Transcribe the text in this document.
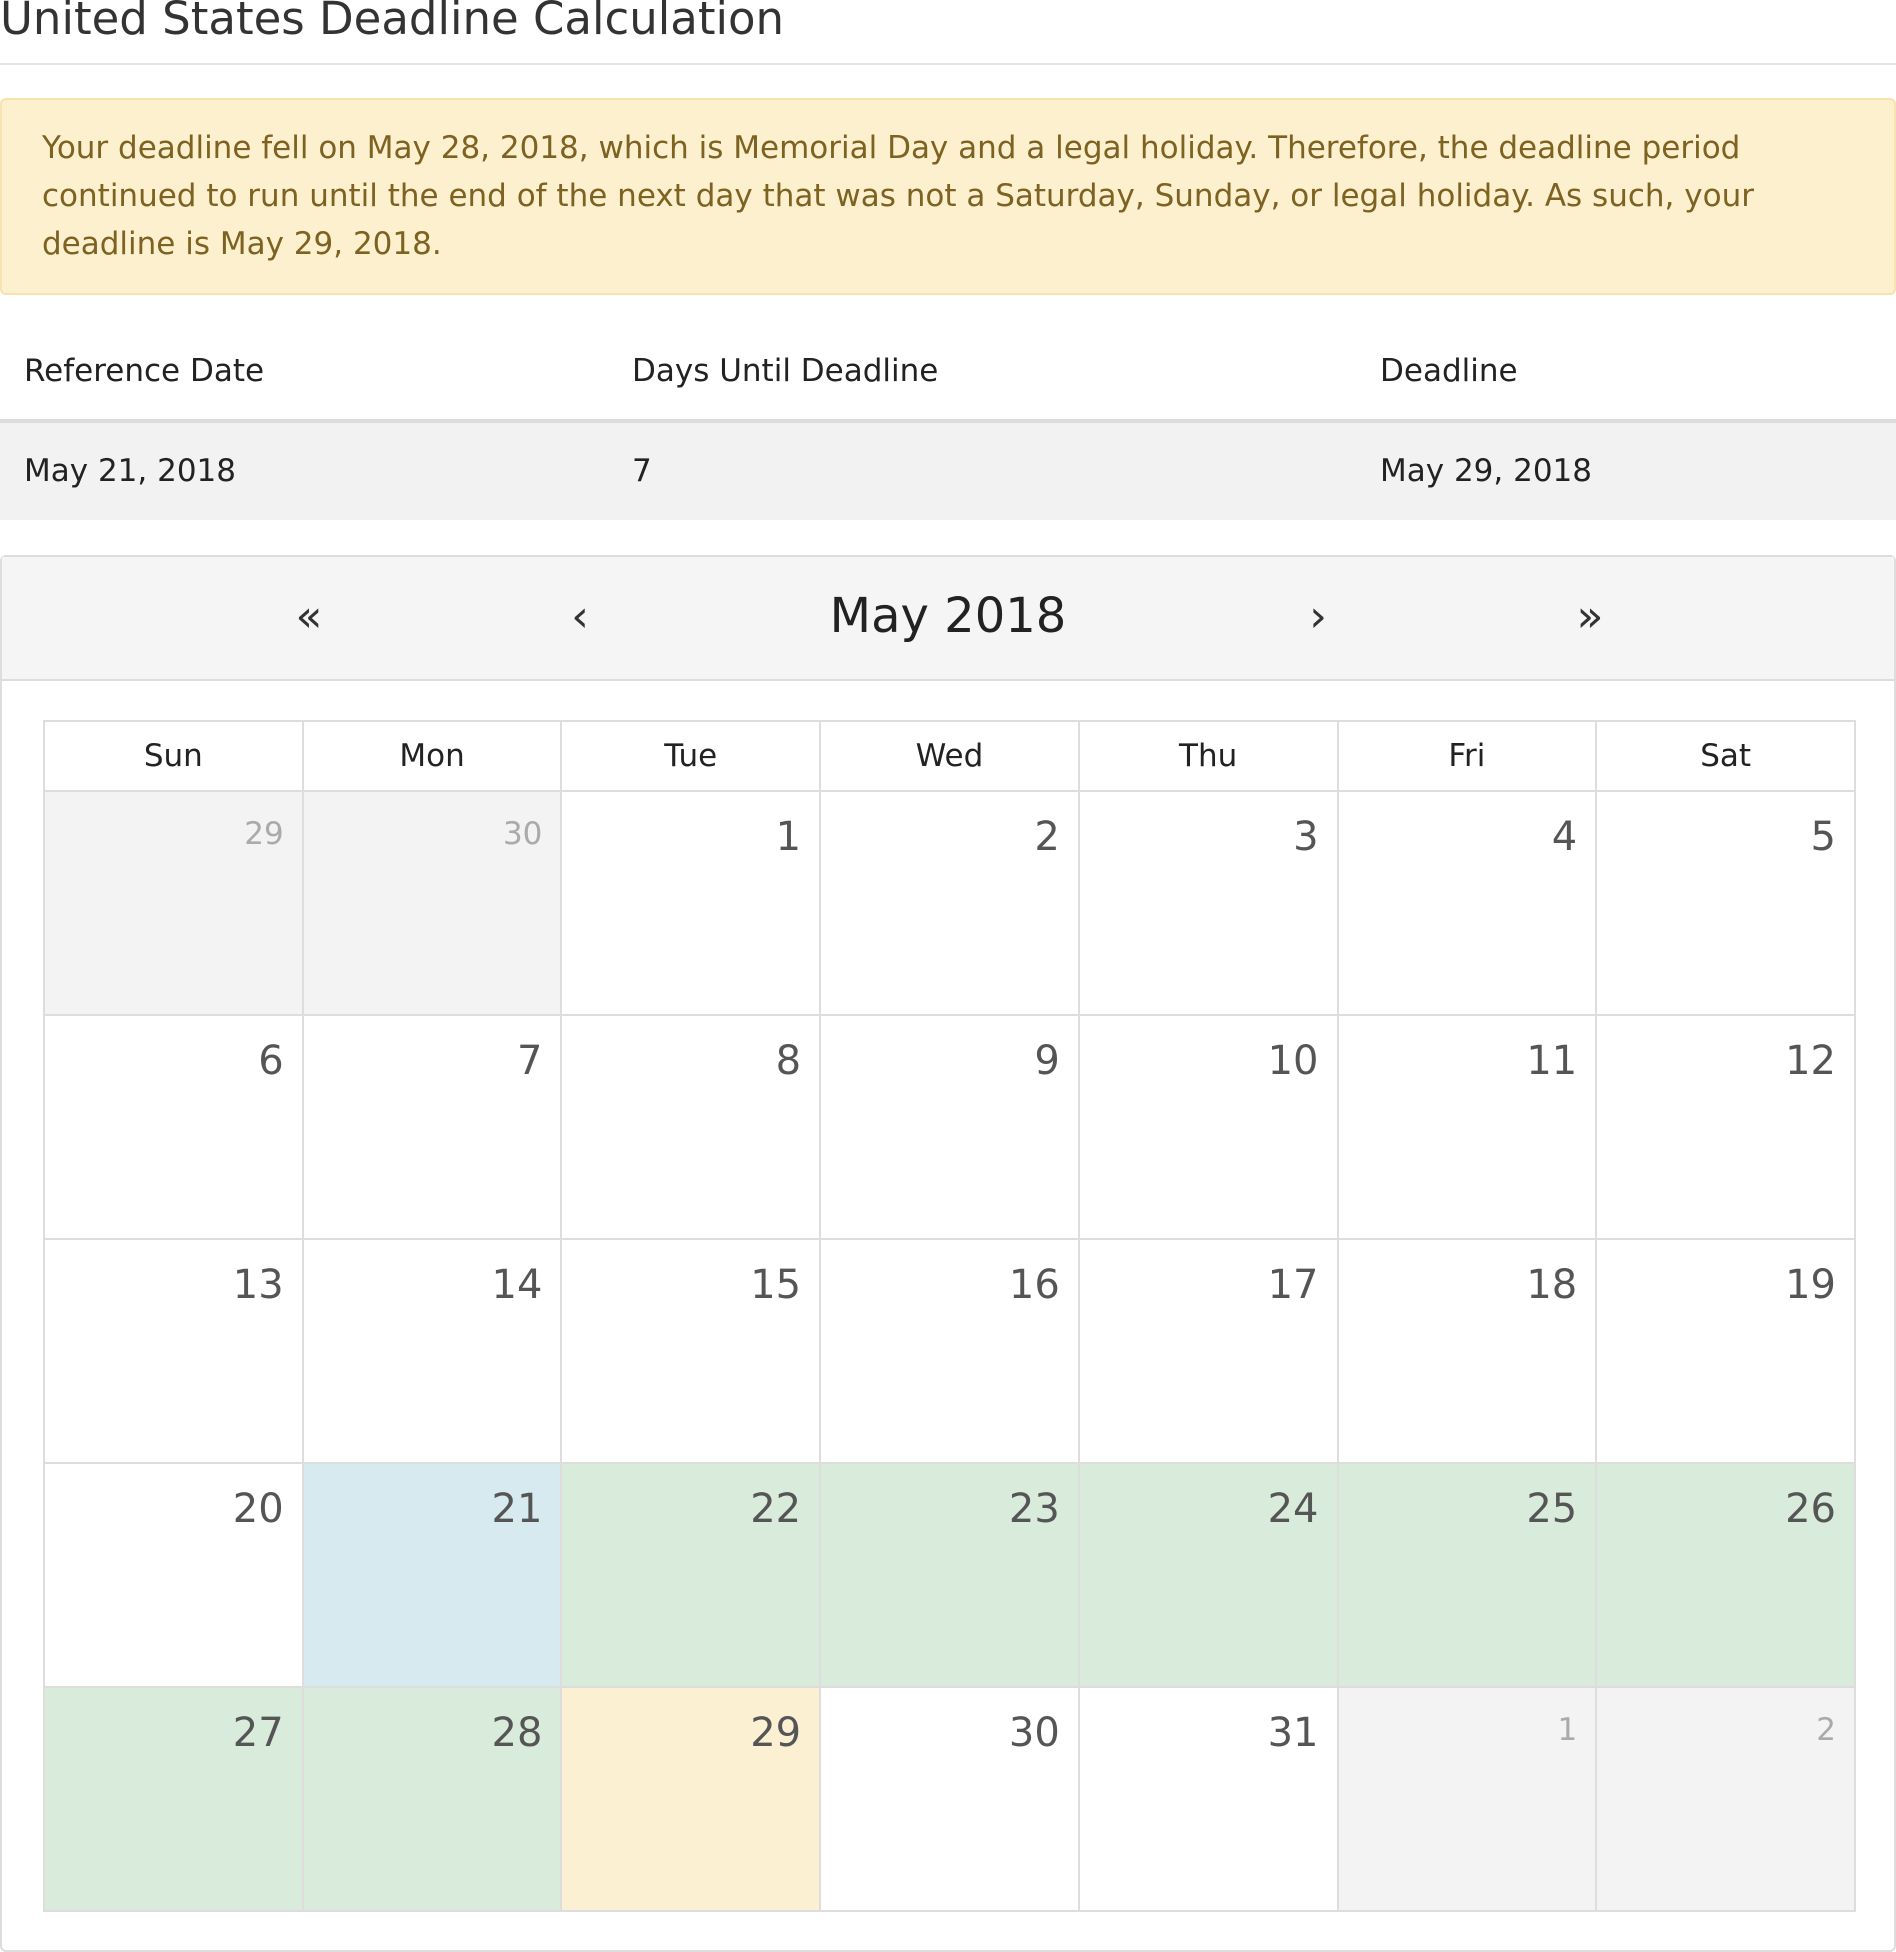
United States Deadline Calculation
Your deadline fell on May 28, 2018, which is Memorial Day and a legal holiday. Therefore, the deadline period continued to run until the end of the next day that was not a Saturday, Sunday, or legal holiday. As such, your deadline is May 29, 2018.
Reference Date	Days Until Deadline	Deadline
May 21, 2018	7	May 29, 2018
«	‹	May 2018	›	»
Sun	Mon	Tue	Wed	Thu	Fri	Sat

29	30	1	2	3	4	5

6	7	8	9	10	11	12

13	14	15	16	17	18	19

20	21	22	23	24	25	26

27	28	29	30	31	1	2
